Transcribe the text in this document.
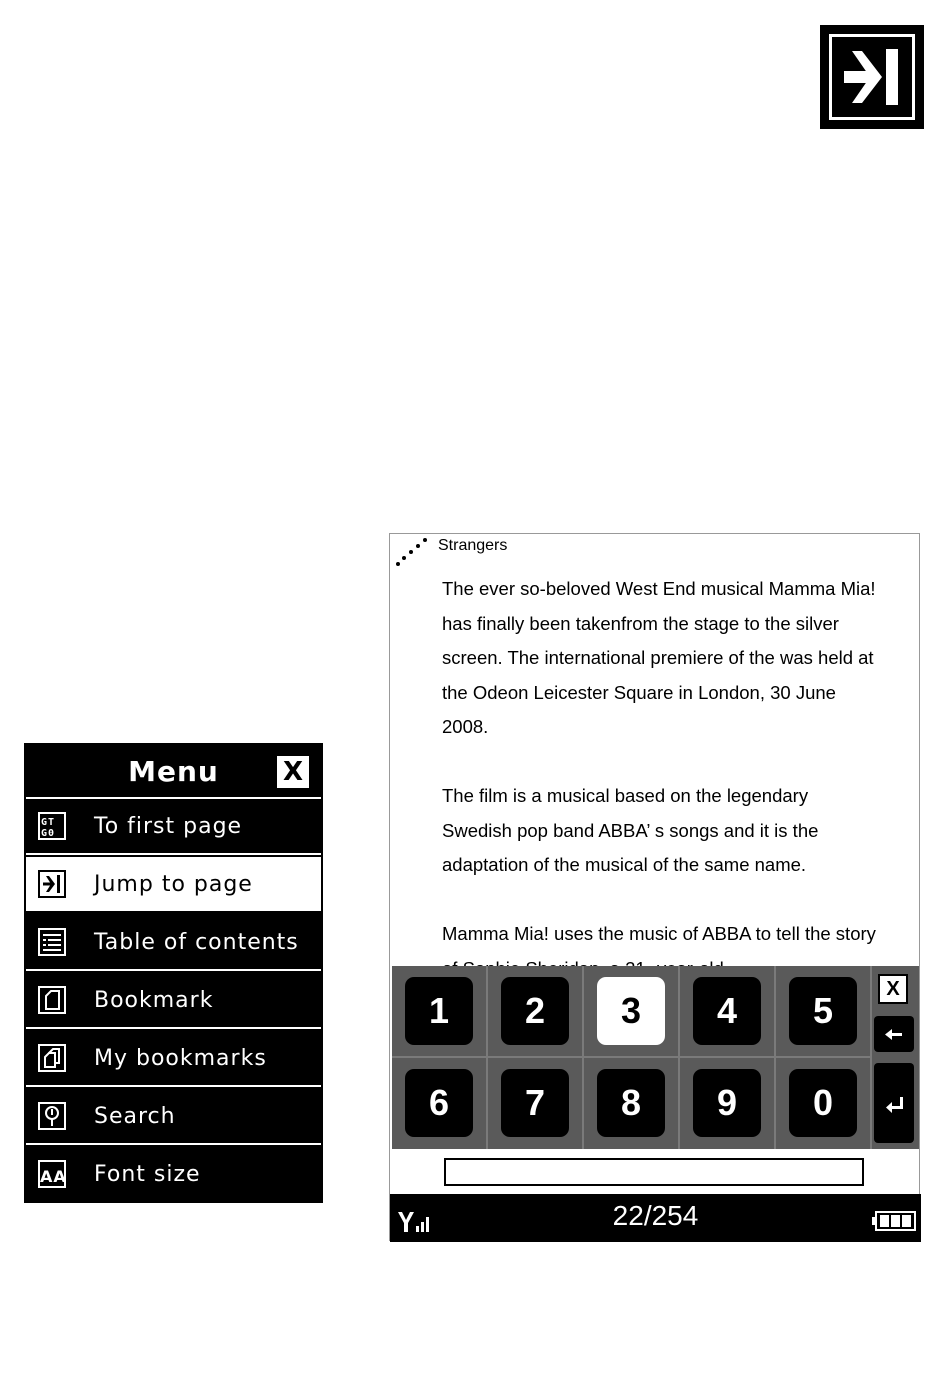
Menu	X
GT
G0 To first page
Jump to page
Table of contents
Bookmark
My bookmarks
Search
AA Font size
Strangers

The ever so-beloved West End musical Mamma Mia! has finally been takenfrom the stage to the silver screen. The international premiere of the was held at the Odeon Leicester Square in London, 30 June 2008.

The film is a musical based on the legendary Swedish pop band ABBA’ s songs and it is the adaptation of the musical of the same name.

Mamma Mia! uses the music of ABBA to tell the story

1	2	3	4	5
6	7	8	9	0
X
22/254
